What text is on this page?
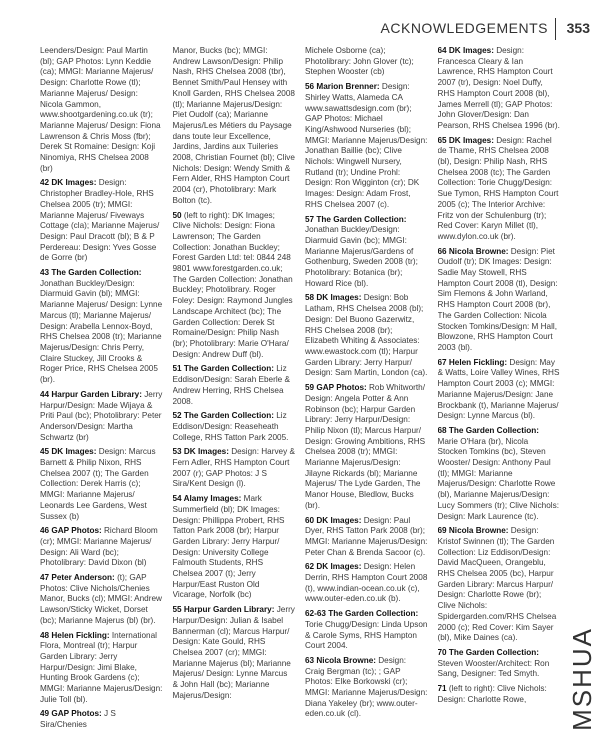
ACKNOWLEDGEMENTS 353

Leenders/Design: Paul Martin (bl); GAP Photos: Lynn Keddie (ca); MMGI: Marianne Majerus/ Design: Charlotte Rowe (tl); Marianne Majerus/ Design: Nicola Gammon, www.shootgardening.co.uk (tr); Marianne Majerus/ Design: Fiona Lawrenson & Chris Moss (fbr); Derek St Romaine: Design: Koji Ninomiya, RHS Chelsea 2008 (br)

42 DK Images: Design: Christopher Bradley-Hole, RHS Chelsea 2005 (tr); MMGI: Marianne Majerus/ Fiveways Cottage (cla); Marianne Majerus/ Design: Paul Dracott (bl); B & P Perdereau: Design: Yves Gosse de Gorre (br)

43 The Garden Collection: Jonathan Buckley/Design: Diarmuid Gavin (bl); MMGI: Marianne Majerus/ Design: Lynne Marcus (tl); Marianne Majerus/ Design: Arabella Lennox-Boyd, RHS Chelsea 2008 (tr); Marianne Majerus/Design: Chris Perry, Claire Stuckey, Jill Crooks & Roger Price, RHS Chelsea 2005 (br).

44 Harpur Garden Library: Jerry Harpur/Design: Made Wijaya & Priti Paul (bc); Photolibrary: Peter Anderson/Design: Martha Schwartz (br)

45 DK Images: Design: Marcus Barnett & Philip Nixon, RHS Chelsea 2007 (t); The Garden Collection: Derek Harris (c); MMGI: Marianne Majerus/ Leonards Lee Gardens, West Sussex (b)

46 GAP Photos: Richard Bloom (cr); MMGI: Marianne Majerus/ Design: Ali Ward (bc); Photolibrary: David Dixon (bl)

47 Peter Anderson: (t); GAP Photos: Clive Nichols/Chenies Manor, Bucks (cl); MMGI: Andrew Lawson/Sticky Wicket, Dorset (bc); Marianne Majerus (bl) (br).

48 Helen Fickling: International Flora, Montreal (tr); Harpur Garden Library: Jerry Harpur/Design: Jimi Blake, Hunting Brook Gardens (c); MMGI: Marianne Majerus/Design: Julie Toll (bl).

49 GAP Photos: J S Sira/Chenies

Manor, Bucks (bc); MMGI: Andrew Lawson/Design: Philip Nash, RHS Chelsea 2008 (tbr), Bennet Smith/Paul Hensey with Knoll Garden, RHS Chelsea 2008 (tl); Marianne Majerus/Design: Piet Oudolf (ca); Marianne Majerus/Les Métiers du Paysage dans toute leur Excellence, Jardins, Jardins aux Tuileries 2008, Christian Fournet (bl); Clive Nichols: Design: Wendy Smith & Fern Alder, RHS Hampton Court 2004 (cr), Photolibrary: Mark Bolton (tc).

50 (left to right): DK Images; Clive Nichols: Design: Fiona Lawrenson; The Garden Collection: Jonathan Buckley; Forest Garden Ltd: tel: 0844 248 9801 www.forestgarden.co.uk; The Garden Collection: Jonathan Buckley; Photolibrary. Roger Foley: Design: Raymond Jungles Landscape Architect (bc); The Garden Collection: Derek St Romaine/Design: Philip Nash (br); Photolibrary: Marie O'Hara/ Design: Andrew Duff (bl).

51 The Garden Collection: Liz Eddison/Design: Sarah Eberle & Andrew Herring, RHS Chelsea 2008.

52 The Garden Collection: Liz Eddison/Design: Reaseheath College, RHS Tatton Park 2005.

53 DK Images: Design: Harvey & Fern Adler, RHS Hampton Court 2007 (r); GAP Photos: J S Sira/Kent Design (l).

54 Alamy Images: Mark Summerfield (bl); DK Images: Design: Phillippa Probert, RHS Tatton Park 2008 (br); Harpur Garden Library: Jerry Harpur/ Design: University College Falmouth Students, RHS Chelsea 2007 (t); Jerry Harpur/East Ruston Old Vicarage, Norfolk (bc)

55 Harpur Garden Library: Jerry Harpur/Design: Julian & Isabel Bannerman (cl); Marcus Harpur/ Design: Kate Gould, RHS Chelsea 2007 (cr); MMGI: Marianne Majerus (bl); Marianne Majerus/ Design: Lynne Marcus & John Hall (bc); Marianne Majerus/Design:

Michele Osborne (ca); Photolibrary: John Glover (tc); Stephen Wooster (cb)

56 Marion Brenner: Design: Shirley Watts, Alameda CA www.sawattsdesign.com (br); GAP Photos: Michael King/Ashwood Nurseries (bl); MMGI: Marianne Majerus/Design: Jonathan Baillie (bc); Clive Nichols: Wingwell Nursery, Rutland (tr); Undine Prohl: Design: Ron Wigginton (cr); DK Images: Design: Adam Frost, RHS Chelsea 2007 (c).

57 The Garden Collection: Jonathan Buckley/Design: Diarmuid Gavin (bc); MMGI: Marianne Majerus/Gardens of Gothenburg, Sweden 2008 (tr); Photolibrary: Botanica (br); Howard Rice (bl).

58 DK Images: Design: Bob Latham, RHS Chelsea 2008 (bl); Design: Del Buono Gazerwitz, RHS Chelsea 2008 (br); Elizabeth Whiting & Associates: www.ewastock.com (tl); Harpur Garden Library: Jerry Harpur/ Design: Sam Martin, London (ca).

59 GAP Photos: Rob Whitworth/ Design: Angela Potter & Ann Robinson (bc); Harpur Garden Library: Jerry Harpur/Design: Philip Nixon (tl); Marcus Harpur/ Design: Growing Ambitions, RHS Chelsea 2008 (tr); MMGI: Marianne Majerus/Design: Jilayne Rickards (bl); Marianne Majerus/ The Lyde Garden, The Manor House, Bledlow, Bucks (br).

60 DK Images: Design: Paul Dyer, RHS Tatton Park 2008 (br); MMGI: Marianne Majerus/Design: Peter Chan & Brenda Sacoor (c).

62 DK Images: Design: Helen Derrin, RHS Hampton Court 2008 (t), www.indian-ocean.co.uk (c), www.outer-eden.co.uk (b).

62-63 The Garden Collection: Torie Chugg/Design: Linda Upson & Carole Syms, RHS Hampton Court 2004.

63 Nicola Browne: Design: Craig Bergman (tc); ; GAP Photos: Elke Borkowski (cr); MMGI: Marianne Majerus/Design: Diana Yakeley (br); www.outer-eden.co.uk (cl).

64 DK Images: Design: Francesca Cleary & Ian Lawrence, RHS Hampton Court 2007 (tr), Design: Noel Duffy, RHS Hampton Court 2008 (bl), James Merrell (tl); GAP Photos: John Glover/Design: Dan Pearson, RHS Chelsea 1996 (br).

65 DK Images: Design: Rachel de Thame, RHS Chelsea 2008 (bl), Design: Philip Nash, RHS Chelsea 2008 (tc); The Garden Collection: Torie Chugg/Design: Sue Tymon, RHS Hampton Court 2005 (c); The Interior Archive: Fritz von der Schulenburg (tr); Red Cover: Karyn Millet (tl), www.dylon.co.uk (br).

66 Nicola Browne: Design: Piet Oudolf (tr); DK Images: Design: Sadie May Stowell, RHS Hampton Court 2008 (tl), Design: Sim Flemons & John Warland, RHS Hampton Court 2008 (br), The Garden Collection: Nicola Stocken Tomkins/Design: M Hall, Blowzone, RHS Hampton Court 2003 (bl).

67 Helen Fickling: Design: May & Watts, Loire Valley Wines, RHS Hampton Court 2003 (c); MMGI: Marianne Majerus/Design: Jane Brockbank (t), Marianne Majerus/ Design: Lynne Marcus (bl).

68 The Garden Collection: Marie O'Hara (br), Nicola Stocken Tomkins (bc), Steven Wooster/ Design: Anthony Paul (tl); MMGI: Marianne Majerus/Design: Charlotte Rowe (bl), Marianne Majerus/Design: Lucy Sommers (tr); Clive Nichols: Design: Mark Laurence (tc).

69 Nicola Browne: Design: Kristof Swinnen (tl); The Garden Collection: Liz Eddison/Design: David MacQueen, Orangeblu, RHS Chelsea 2005 (bc), Harpur Garden Library: Marcus Harpur/ Design: Charlotte Rowe (br); Clive Nichols: Spidergarden.com/RHS Chelsea 2000 (c); Red Cover: Kim Sayer (bl), Mike Daines (ca).

70 The Garden Collection: Steven Wooster/Architect: Ron Sang, Designer: Ted Smyth.

71 (left to right): Clive Nichols: Design: Charlotte Rowe,	MSHUA
